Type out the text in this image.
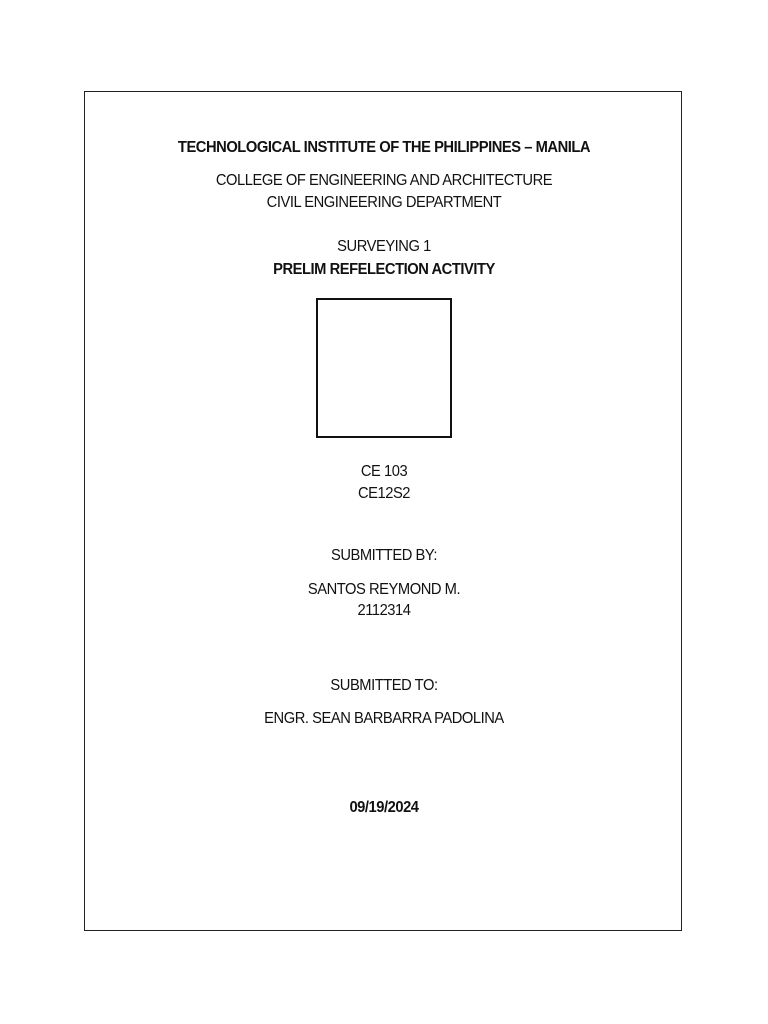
TECHNOLOGICAL INSTITUTE OF THE PHILIPPINES – MANILA
COLLEGE OF ENGINEERING AND ARCHITECTURE
CIVIL ENGINEERING DEPARTMENT
SURVEYING 1
PRELIM REFELECTION ACTIVITY
CE 103
CE12S2
SUBMITTED BY:
SANTOS REYMOND M.
2112314
SUBMITTED TO:
ENGR. SEAN BARBARRA PADOLINA
09/19/2024
